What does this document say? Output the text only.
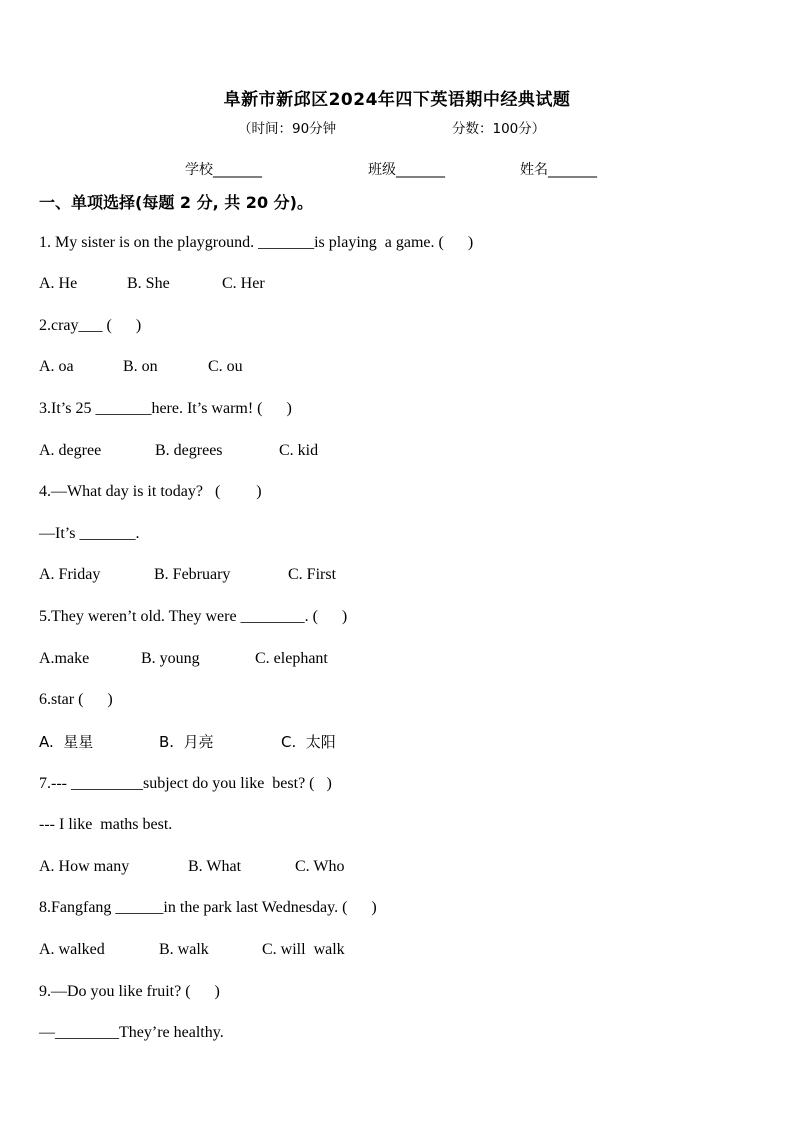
阜新市新邱区2024年四下英语期中经典试题
（时间：90分钟	分数：100分）
学校_______	班级_______	姓名_______
一、单项选择(每题 2 分, 共 20 分)。
1. My sister is on the playground. _______is playing  a game. (      )
A. He	B. She	C. Her
2.cray___ (      )
A. oa	B. on	C. ou
3.It’s 25 _______here. It’s warm! (      )
A. degree	B. degrees	C. kid
4.—What day is it today?   (         )
—It’s _______.
A. Friday	B. February	C. First
5.They weren’t old. They were ________. (      )
A.make	B. young	C. elephant
6.star (      )
A.  星星	B.  月亮	C.  太阳
7.--- _________subject do you like  best? (   )
--- I like  maths best.
A. How many	B. What	C. Who
8.Fangfang ______in the park last Wednesday. (      )
A. walked	B. walk	C. will  walk
9.—Do you like fruit? (      )
—________They’re healthy.
